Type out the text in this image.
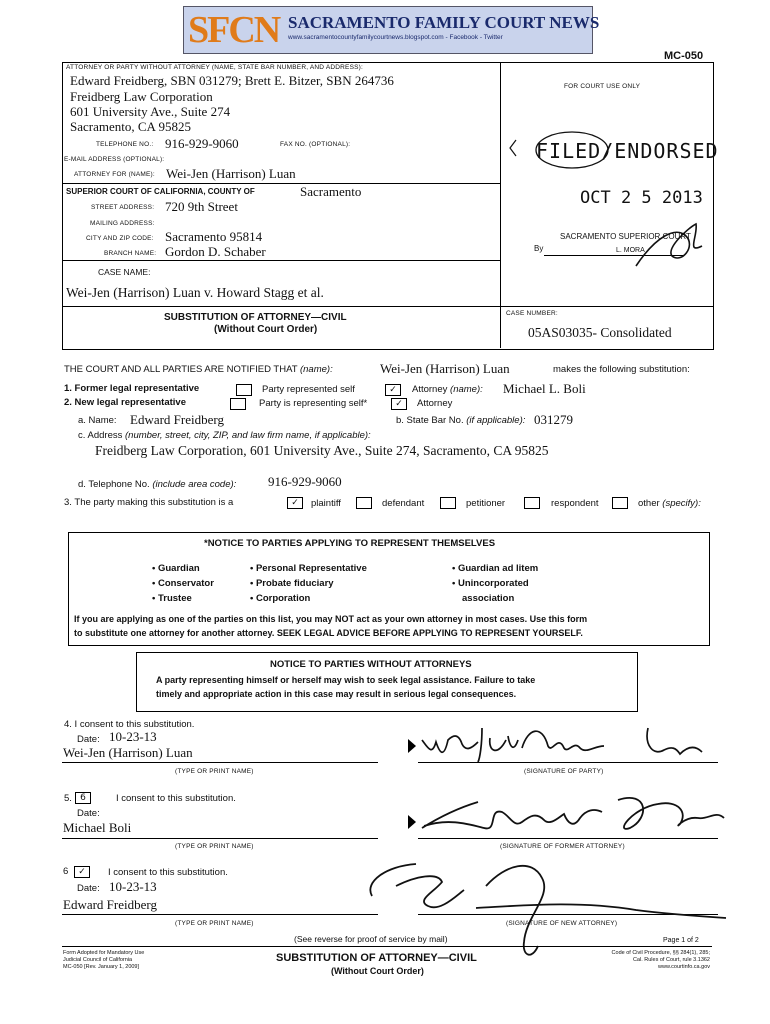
SFCN SACRAMENTO FAMILY COURT NEWS
www.sacramentocountyfamilycourtnews.blogspot.com - Facebook - Twitter
MC-050
ATTORNEY OR PARTY WITHOUT ATTORNEY (NAME, STATE BAR NUMBER, AND ADDRESS):
Edward Freidberg, SBN 031279; Brett E. Bitzer, SBN 264736
Freidberg Law Corporation
601 University Ave., Suite 274
Sacramento, CA 95825
TELEPHONE NO.: 916-929-9060	FAX NO. (OPTIONAL):
E-MAIL ADDRESS (OPTIONAL):
ATTORNEY FOR (NAME): Wei-Jen (Harrison) Luan
SUPERIOR COURT OF CALIFORNIA, COUNTY OF	Sacramento
STREET ADDRESS: 720 9th Street
MAILING ADDRESS:
CITY AND ZIP CODE: Sacramento 95814
BRANCH NAME: Gordon D. Schaber
CASE NAME:
Wei-Jen (Harrison) Luan v. Howard Stagg et al.
SUBSTITUTION OF ATTORNEY—CIVIL
(Without Court Order)
CASE NUMBER:
05AS03035- Consolidated
FOR COURT USE ONLY
FILED/ENDORSED
OCT 2 5 2013
SACRAMENTO SUPERIOR COURT
By	L. MORA
THE COURT AND ALL PARTIES ARE NOTIFIED THAT (name):	Wei-Jen (Harrison) Luan	makes the following substitution:
1. Former legal representative	Party represented self	✓	Attorney (name): Michael L. Boli
2. New legal representative	Party is representing self*	✓	Attorney
a. Name: Edward Freidberg	b. State Bar No. (if applicable): 031279
c. Address (number, street, city, ZIP, and law firm name, if applicable):
Freidberg Law Corporation, 601 University Ave., Suite 274, Sacramento, CA 95825
d. Telephone No. (include area code): 916-929-9060
3. The party making this substitution is a	✓	plaintiff	defendant	petitioner	respondent	other (specify):
*NOTICE TO PARTIES APPLYING TO REPRESENT THEMSELVES
• Guardian
• Conservator
• Trustee
• Personal Representative
• Probate fiduciary
• Corporation
• Guardian ad litem
• Unincorporated
association
If you are applying as one of the parties on this list, you may NOT act as your own attorney in most cases. Use this form
to substitute one attorney for another attorney. SEEK LEGAL ADVICE BEFORE APPLYING TO REPRESENT YOURSELF.
NOTICE TO PARTIES WITHOUT ATTORNEYS
A party representing himself or herself may wish to seek legal assistance. Failure to take
timely and appropriate action in this case may result in serious legal consequences.
4. I consent to this substitution.
Date: 10-23-13
Wei-Jen (Harrison) Luan
(TYPE OR PRINT NAME)	(SIGNATURE OF PARTY)
5. 6	I consent to this substitution.
Date:
Michael Boli
(TYPE OR PRINT NAME)	(SIGNATURE OF FORMER ATTORNEY)
6	✓	I consent to this substitution.
Date: 10-23-13
Edward Freidberg
(TYPE OR PRINT NAME)	(SIGNATURE OF NEW ATTORNEY)
(See reverse for proof of service by mail)	Page 1 of 2
Form Adopted for Mandatory Use
Judicial Council of California
MC-050 [Rev. January 1, 2009]
SUBSTITUTION OF ATTORNEY—CIVIL
(Without Court Order)
Code of Civil Procedure, §§ 284(1), 285;
Cal. Rules of Court, rule 3.1362
www.courtinfo.ca.gov
